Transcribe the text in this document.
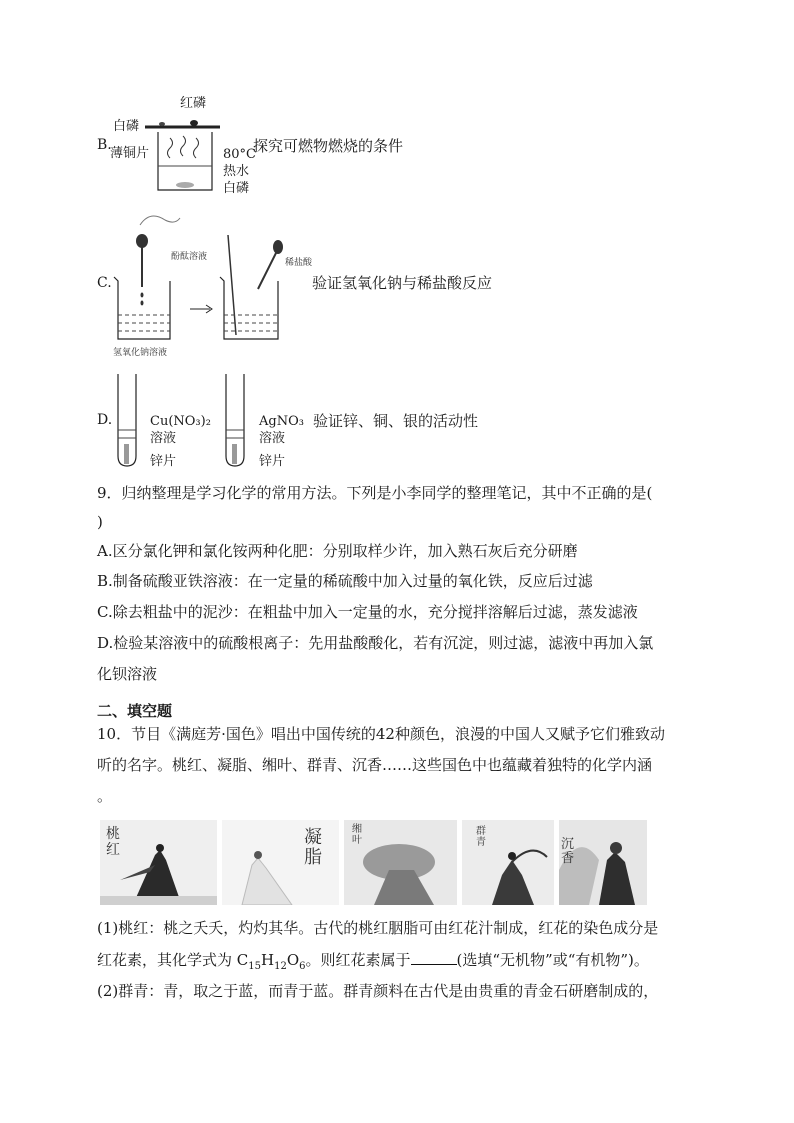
B.
红磷
白磷
薄铜片	80°C
热水
白磷
探究可燃物燃烧的条件
C.
酚酞溶液
氢氧化钠溶液
稀盐酸
验证氢氧化钠与稀盐酸反应
D.	Cu(NO₃)₂
溶液
锌片
AgNO₃
溶液
锌片
验证锌、铜、银的活动性
9．归纳整理是学习化学的常用方法。下列是小李同学的整理笔记，其中不正确的是(
)
A.区分氯化钾和氯化铵两种化肥：分别取样少许，加入熟石灰后充分研磨
B.制备硫酸亚铁溶液：在一定量的稀硫酸中加入过量的氧化铁，反应后过滤
C.除去粗盐中的泥沙：在粗盐中加入一定量的水，充分搅拌溶解后过滤，蒸发滤液
D.检验某溶液中的硫酸根离子：先用盐酸酸化，若有沉淀，则过滤，滤液中再加入氯
化钡溶液
二、填空题
10．节目《满庭芳·国色》唱出中国传统的42种颜色，浪漫的中国人又赋予它们雅致动
听的名字。桃红、凝脂、缃叶、群青、沉香……这些国色中也蕴藏着独特的化学内涵
。
桃红
凝脂
缃叶
群青	沉香
(1)桃红：桃之夭夭，灼灼其华。古代的桃红胭脂可由红花汁制成，红花的染色成分是
红花素，其化学式为 $C_{15}H_{12}O_6$。则红花素属于	(选填“无机物”或“有机物”)。
(2)群青：青，取之于蓝，而青于蓝。群青颜料在古代是由贵重的青金石研磨制成的，
